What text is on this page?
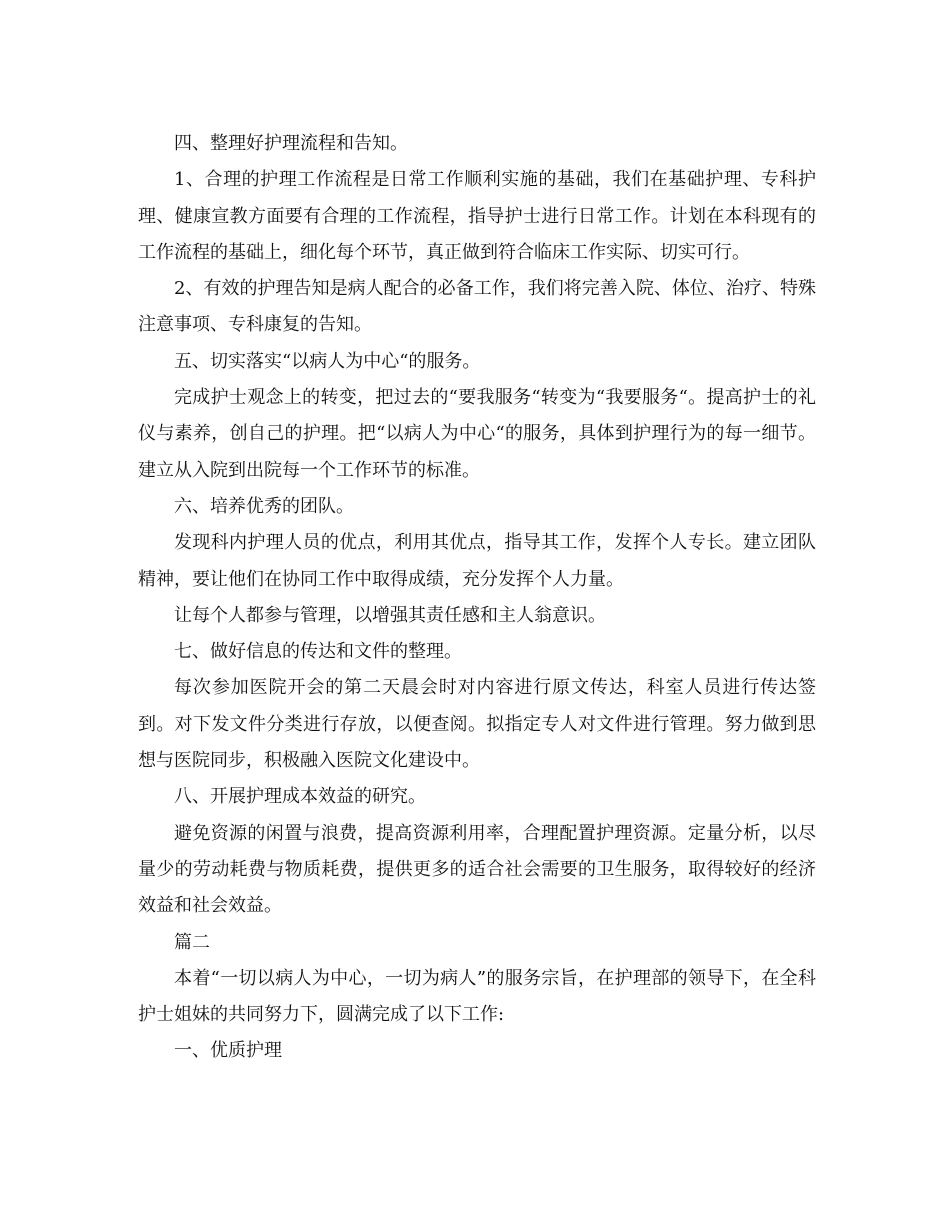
四、整理好护理流程和告知。

1、合理的护理工作流程是日常工作顺利实施的基础，我们在基础护理、专科护理、健康宣教方面要有合理的工作流程，指导护士进行日常工作。计划在本科现有的工作流程的基础上，细化每个环节，真正做到符合临床工作实际、切实可行。

2、有效的护理告知是病人配合的必备工作，我们将完善入院、体位、治疗、特殊注意事项、专科康复的告知。

五、切实落实“以病人为中心“的服务。

完成护士观念上的转变，把过去的“要我服务“转变为“我要服务“。提高护士的礼仪与素养，创自己的护理。把“以病人为中心“的服务，具体到护理行为的每一细节。建立从入院到出院每一个工作环节的标准。

六、培养优秀的团队。

发现科内护理人员的优点，利用其优点，指导其工作，发挥个人专长。建立团队精神，要让他们在协同工作中取得成绩，充分发挥个人力量。

让每个人都参与管理，以增强其责任感和主人翁意识。

七、做好信息的传达和文件的整理。

每次参加医院开会的第二天晨会时对内容进行原文传达，科室人员进行传达签到。对下发文件分类进行存放，以便查阅。拟指定专人对文件进行管理。努力做到思想与医院同步，积极融入医院文化建设中。

八、开展护理成本效益的研究。

避免资源的闲置与浪费，提高资源利用率，合理配置护理资源。定量分析，以尽量少的劳动耗费与物质耗费，提供更多的适合社会需要的卫生服务，取得较好的经济效益和社会效益。

篇二

本着“一切以病人为中心，一切为病人”的服务宗旨，在护理部的领导下，在全科护士姐妹的共同努力下，圆满完成了以下工作:

一、优质护理
